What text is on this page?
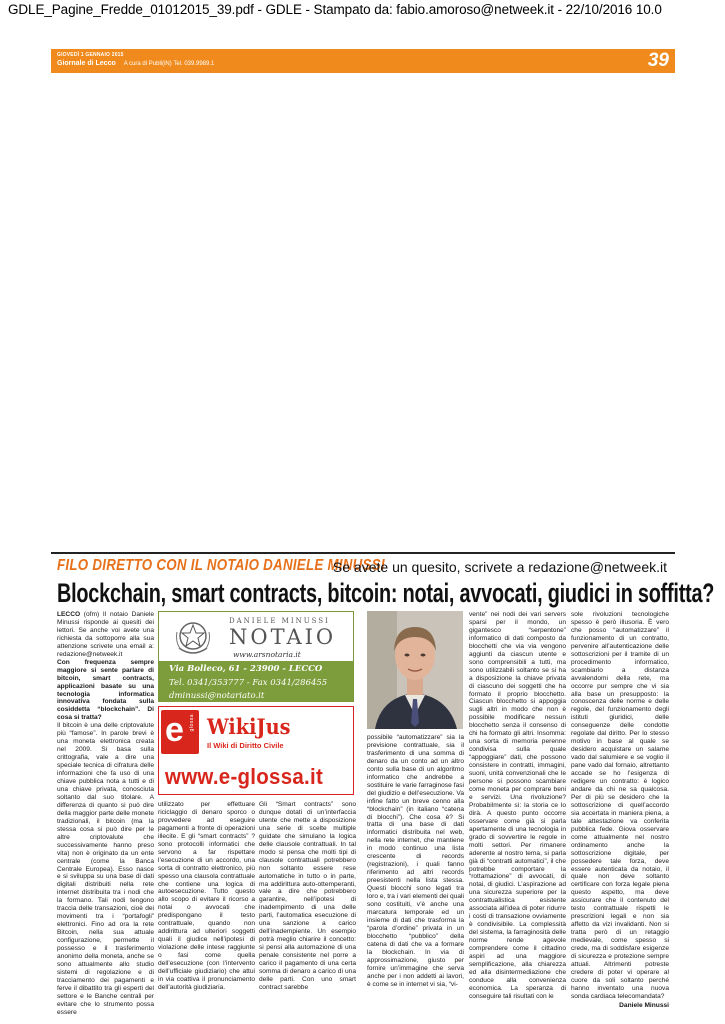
GDLE_Pagine_Fredde_01012015_39.pdf - GDLE - Stampato da: fabio.amoroso@netweek.it - 22/10/2016 10.0
GIOVEDÌ 1 GENNAIO 2015
Giornale di Lecco A cura di Publi(iN) Tel. 039.9989.1	39
FILO DIRETTO CON IL NOTAIO DANIELE MINUSSI
Se avete un quesito, scrivete a redazione@netweek.it
Blockchain, smart contracts, bitcoin: notai, avvocati, giudici in soffitta?

LECCO (ofm) Il notaio Daniele Minussi risponde ai quesiti dei lettori. Se anche voi avete una richiesta da sottoporre alla sua attenzione scrivete una email a: redazione@netweek.it

Con frequenza sempre maggiore si sente parlare di bitcoin, smart contracts, applicazioni basate su una tecnologia informatica innovativa fondata sulla cosiddetta “blockchain”. Di cosa si tratta?

Il bitcoin è una delle criptovalute più “famose”. In parole brevi è una moneta elettronica creata nel 2009. Si basa sulla crittografia, vale a dire una speciale tecnica di cifratura delle informazioni che fa uso di una chiave pubblica nota a tutti e di una chiave privata, conosciuta soltanto dal suo titolare. A differenza di quanto si può dire della maggior parte delle monete tradizionali, il bitcoin (ma la stessa cosa si può dire per le altre criptovalute che successivamente hanno preso vita) non è originato da un ente centrale (come la Banca Centrale Europea). Esso nasce e si sviluppa su una base di dati digitali distribuiti nella rete internet distribuita tra i nodi che la formano. Tali nodi tengono traccia delle transazioni, cioè dei movimenti tra i “portafogli” elettronici. Fino ad ora la rete Bitcoin, nella sua attuale configurazione, permette il possesso e il trasferimento anonimo della moneta, anche se sono attualmente allo studio sistemi di regolazione e di tracciamento dei pagamenti e ferve il dibattito tra gli esperti del settore e le Banche centrali per evitare che lo strumento possa essere

DANIELE MINUSSI
NOTAIO
www.arsnotaria.it
Via Bolleco, 61 - 23900 - LECCO
Tel. 0341/353777 - Fax 0341/286455
dminussi@notariato.it
e glossa WikiJus
Il Wiki di Diritto Civile
www.e-glossa.it

utilizzato per effettuare riciclaggio di denaro sporco o provvedere ad eseguire pagamenti a fronte di operazioni illecite. E gli “smart contracts” ? sono protocolli informatici che servono a far rispettare l’esecuzione di un accordo, una sorta di contratto elettronico, più spesso una clausola contrattuale che contiene una logica di autoesecuzione. Tutto questo allo scopo di evitare il ricorso a notai o avvocati che predispongano il testo contrattuale, quando non addirittura ad ulteriori soggetti quali il giudice nell’ipotesi di violazione delle intese raggiunte o fasi come quella dell’esecuzione (con l’intervento dell’ufficiale giudiziario) che attui in via coattiva il pronunciamento dell’autorità giudiziaria.

Gli “Smart contracts” sono dunque dotati di un’interfaccia utente che mette a disposizione una serie di scelte multiple guidate che simulano la logica delle clausole contrattuali. In tal modo si pensa che molti tipi di clausole contrattuali potrebbero non soltanto essere rese automatiche in tutto o in parte, ma addirittura auto-ottemperanti, vale a dire che potrebbero garantire, nell’ipotesi di inadempimento di una delle parti, l’automatica esecuzione di una sanzione a carico dell’inadempiente. Un esempio potrà meglio chiarire il concetto: si pensi alla automazione di una penale consistente nel porre a carico il pagamento di una certa somma di denaro a carico di una delle parti. Con uno smart contract sarebbe

possibile “automatizzare” sia la previsione contrattuale, sia il trasferimento di una somma di denaro da un conto ad un altro conto sulla base di un algoritmo informatico che andrebbe a sostituire le varie farraginose fasi del giudizio e dell’esecuzione. Va infine fatto un breve cenno alla “blockchain” (in italiano “catena di blocchi”). Che cosa è? Si tratta di una base di dati informatici distribuita nel web, nella rete internet, che mantiene in modo continuo una lista crescente di records (registrazioni), i quali fanno riferimento ad altri records preesistenti nella lista stessa. Questi blocchi sono legati tra loro e, tra i vari elementi dei quali sono costituiti, v’è anche una marcatura temporale ed un insieme di dati che trasforma la “parola d’ordine” privata in un blocchetto “pubblico” della catena di dati che va a formare la blockchain. In via di approssimazione, giusto per fornire un’immagine che serva anche per i non addetti ai lavori, è come se in internet vi sia, “vi-

vente” nei nodi dei vari servers sparsi per il mondo, un gigantesco “serpentone” informatico di dati composto da blocchetti che via via vengono aggiunti da ciascun utente e sono comprensibili a tutti, ma sono utilizzabili soltanto se si ha a disposizione la chiave privata di ciascuno dei soggetti che ha formato il proprio blocchetto. Ciascun blocchetto si appoggia sugli altri in modo che non è possibile modificare nessun blocchetto senza il consenso di chi ha formato gli altri. Insomma: una sorta di memoria perenne condivisa sulla quale “appoggiare” dati, che possono consistere in contratti, immagini, suoni, unità convenzionali che le persone si possono scambiare come moneta per comprare beni e servizi. Una rivoluzione? Probabilmente sì: la storia ce lo dirà. A questo punto occorre osservare come già si parla apertamente di una tecnologia in grado di sovvertire le regole in molti settori. Per rimanere aderente al nostro tema, si parla già di “contratti automatici”, il che potrebbe comportare la “rottamazione” di avvocati, di notai, di giudici. L’aspirazione ad una sicurezza superiore per la contrattualistica esistente associata all’idea di poter ridurre i costi di transazione ovviamente è condivisibile. La complessità del sistema, la farraginosità delle norme rende agevole comprendere come il cittadino aspiri ad una maggiore semplificazione, alla chiarezza ed alla disintermediazione che conduce alla convenienza economica. La speranza di conseguire tali risultati con le

sole rivoluzioni tecnologiche spesso è però illusoria. È vero che posso “automatizzare” il funzionamento di un contratto, pervenire all’autenticazione delle sottoscrizioni per il tramite di un procedimento informatico, scambiarlo a distanza avvalendomi della rete, ma occorre pur sempre che vi sia alla base un presupposto: la conoscenza delle norme e delle regole, del funzionamento degli istituti giuridici, delle conseguenze delle condotte regolate dal diritto. Per lo stesso motivo in base al quale se desidero acquistare un salame vado dal salumiere e se voglio il pane vado dal fornaio, altrettanto accade se ho l’esigenza di redigere un contratto: è logico andare da chi ne sa qualcosa. Per di più se desidero che la sottoscrizione di quell’accordo sia accertata in maniera piena, a tale attestazione va conferita pubblica fede. Giova osservare come attualmente nel nostro ordinamento anche la sottoscrizione digitale, per possedere tale forza, deve essere autenticata da notaio, il quale non deve soltanto certificare con forza legale piena questo aspetto, ma deve assicurare che il contenuto del testo contrattuale rispetti le prescrizioni legali e non sia affetto da vizi invalidanti. Non si tratta però di un retaggio medievale, come spesso si crede, ma di soddisfare esigenze di sicurezza e protezione sempre attuali. Altrimenti potreste credere di poter vi operare al cuore da soli soltanto perché hanno inventato una nuova sonda cardiaca telecomandata?

Daniele Minussi
